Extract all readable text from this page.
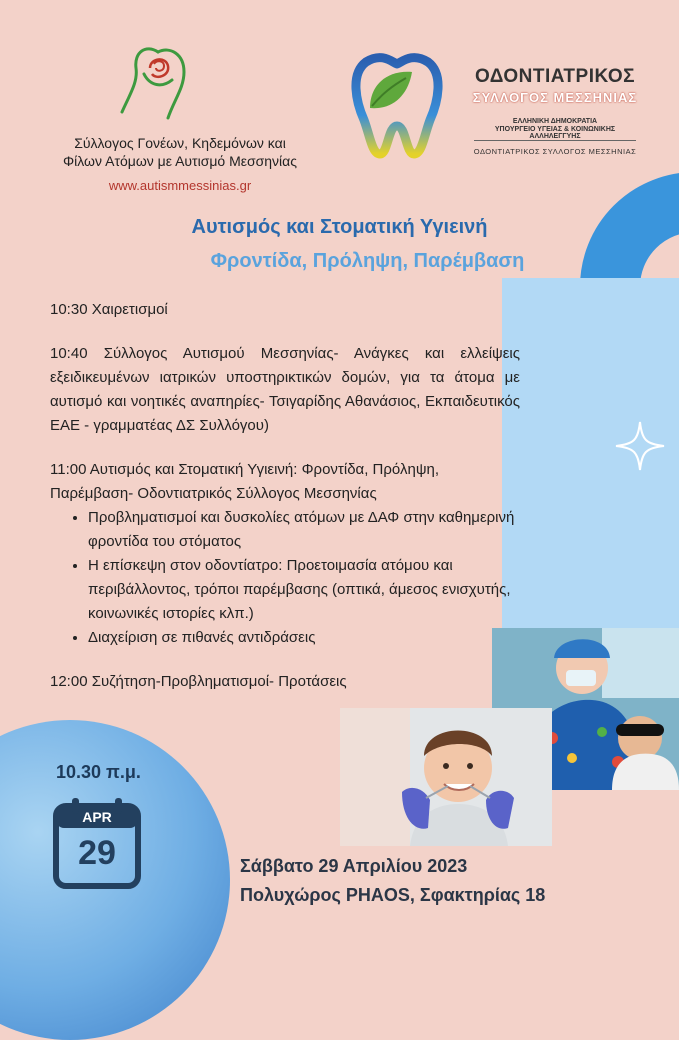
Σύλλογος Γονέων, Κηδεμόνων και
Φίλων Ατόμων με Αυτισμό Μεσσηνίας
www.autismmessinias.gr
ΟΔΟΝΤΙΑΤΡΙΚΟΣ
ΣΥΛΛΟΓΟΣ ΜΕΣΣΗΝΙΑΣ
ΕΛΛΗΝΙΚΗ ΔΗΜΟΚΡΑΤΙΑ
ΥΠΟΥΡΓΕΙΟ ΥΓΕΙΑΣ & ΚΟΙΝΩΝΙΚΗΣ ΑΛΛΗΛΕΓΓΥΗΣ
ΟΔΟΝΤΙΑΤΡΙΚΟΣ ΣΥΛΛΟΓΟΣ ΜΕΣΣΗΝΙΑΣ
Αυτισμός και Στοματική Υγιεινή
Φροντίδα, Πρόληψη, Παρέμβαση

10:30 Χαιρετισμοί

10:40 Σύλλογος Αυτισμού Μεσσηνίας- Ανάγκες και ελλείψεις εξειδικευμένων ιατρικών υποστηρικτικών δομών, για τα άτομα με αυτισμό και νοητικές αναπηρίες- Τσιγαρίδης Αθανάσιος, Εκπαιδευτικός ΕΑΕ - γραμματέας ΔΣ Συλλόγου)

11:00 Αυτισμός και Στοματική Υγιεινή: Φροντίδα, Πρόληψη, Παρέμβαση- Οδοντιατρικός Σύλλογος Μεσσηνίας

• Προβληματισμοί και δυσκολίες ατόμων με ΔΑΦ στην καθημερινή φροντίδα του στόματος
• Η επίσκεψη στον οδοντίατρο: Προετοιμασία ατόμου και περιβάλλοντος, τρόποι παρέμβασης (οπτικά, άμεσος ενισχυτής, κοινωνικές ιστορίες κλπ.)
• Διαχείριση σε πιθανές αντιδράσεις

12:00 Συζήτηση-Προβληματισμοί- Προτάσεις

10.30 π.μ.
APR
29	Σάββατο 29 Απριλίου 2023
Πολυχώρος PHAOS, Σφακτηρίας 18
